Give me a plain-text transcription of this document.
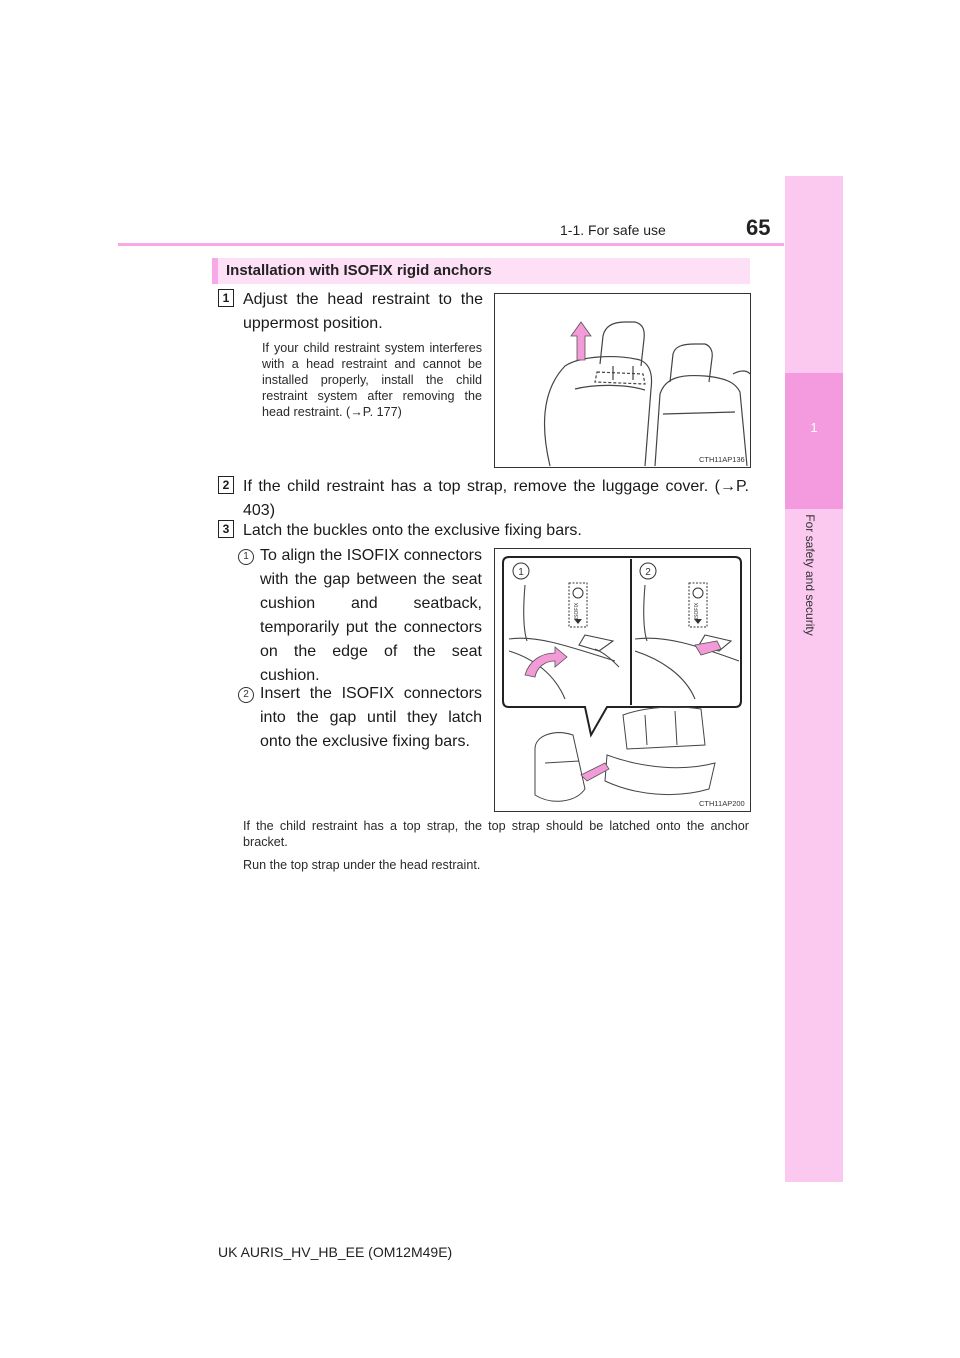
1
For safety and security
1-1. For safe use	65
Installation with ISOFIX rigid anchors
1 Adjust the head restraint to the uppermost position.
If your child restraint system interferes with a head restraint and cannot be installed properly, install the child restraint system after removing the head restraint. (→P. 177)
CTH11AP136
2 If the child restraint has a top strap, remove the luggage cover. (→P. 403)
3 Latch the buckles onto the exclusive fixing bars.
1 To align the ISOFIX connectors with the gap between the seat cushion and seatback, temporarily put the connectors on the edge of the seat cushion.
2 Insert the ISOFIX connectors into the gap until they latch onto the exclusive fixing bars.
1	2
ISOFIX	ISOFIX
CTH11AP200
If the child restraint has a top strap, the top strap should be latched onto the anchor bracket.
Run the top strap under the head restraint.
UK AURIS_HV_HB_EE (OM12M49E)
